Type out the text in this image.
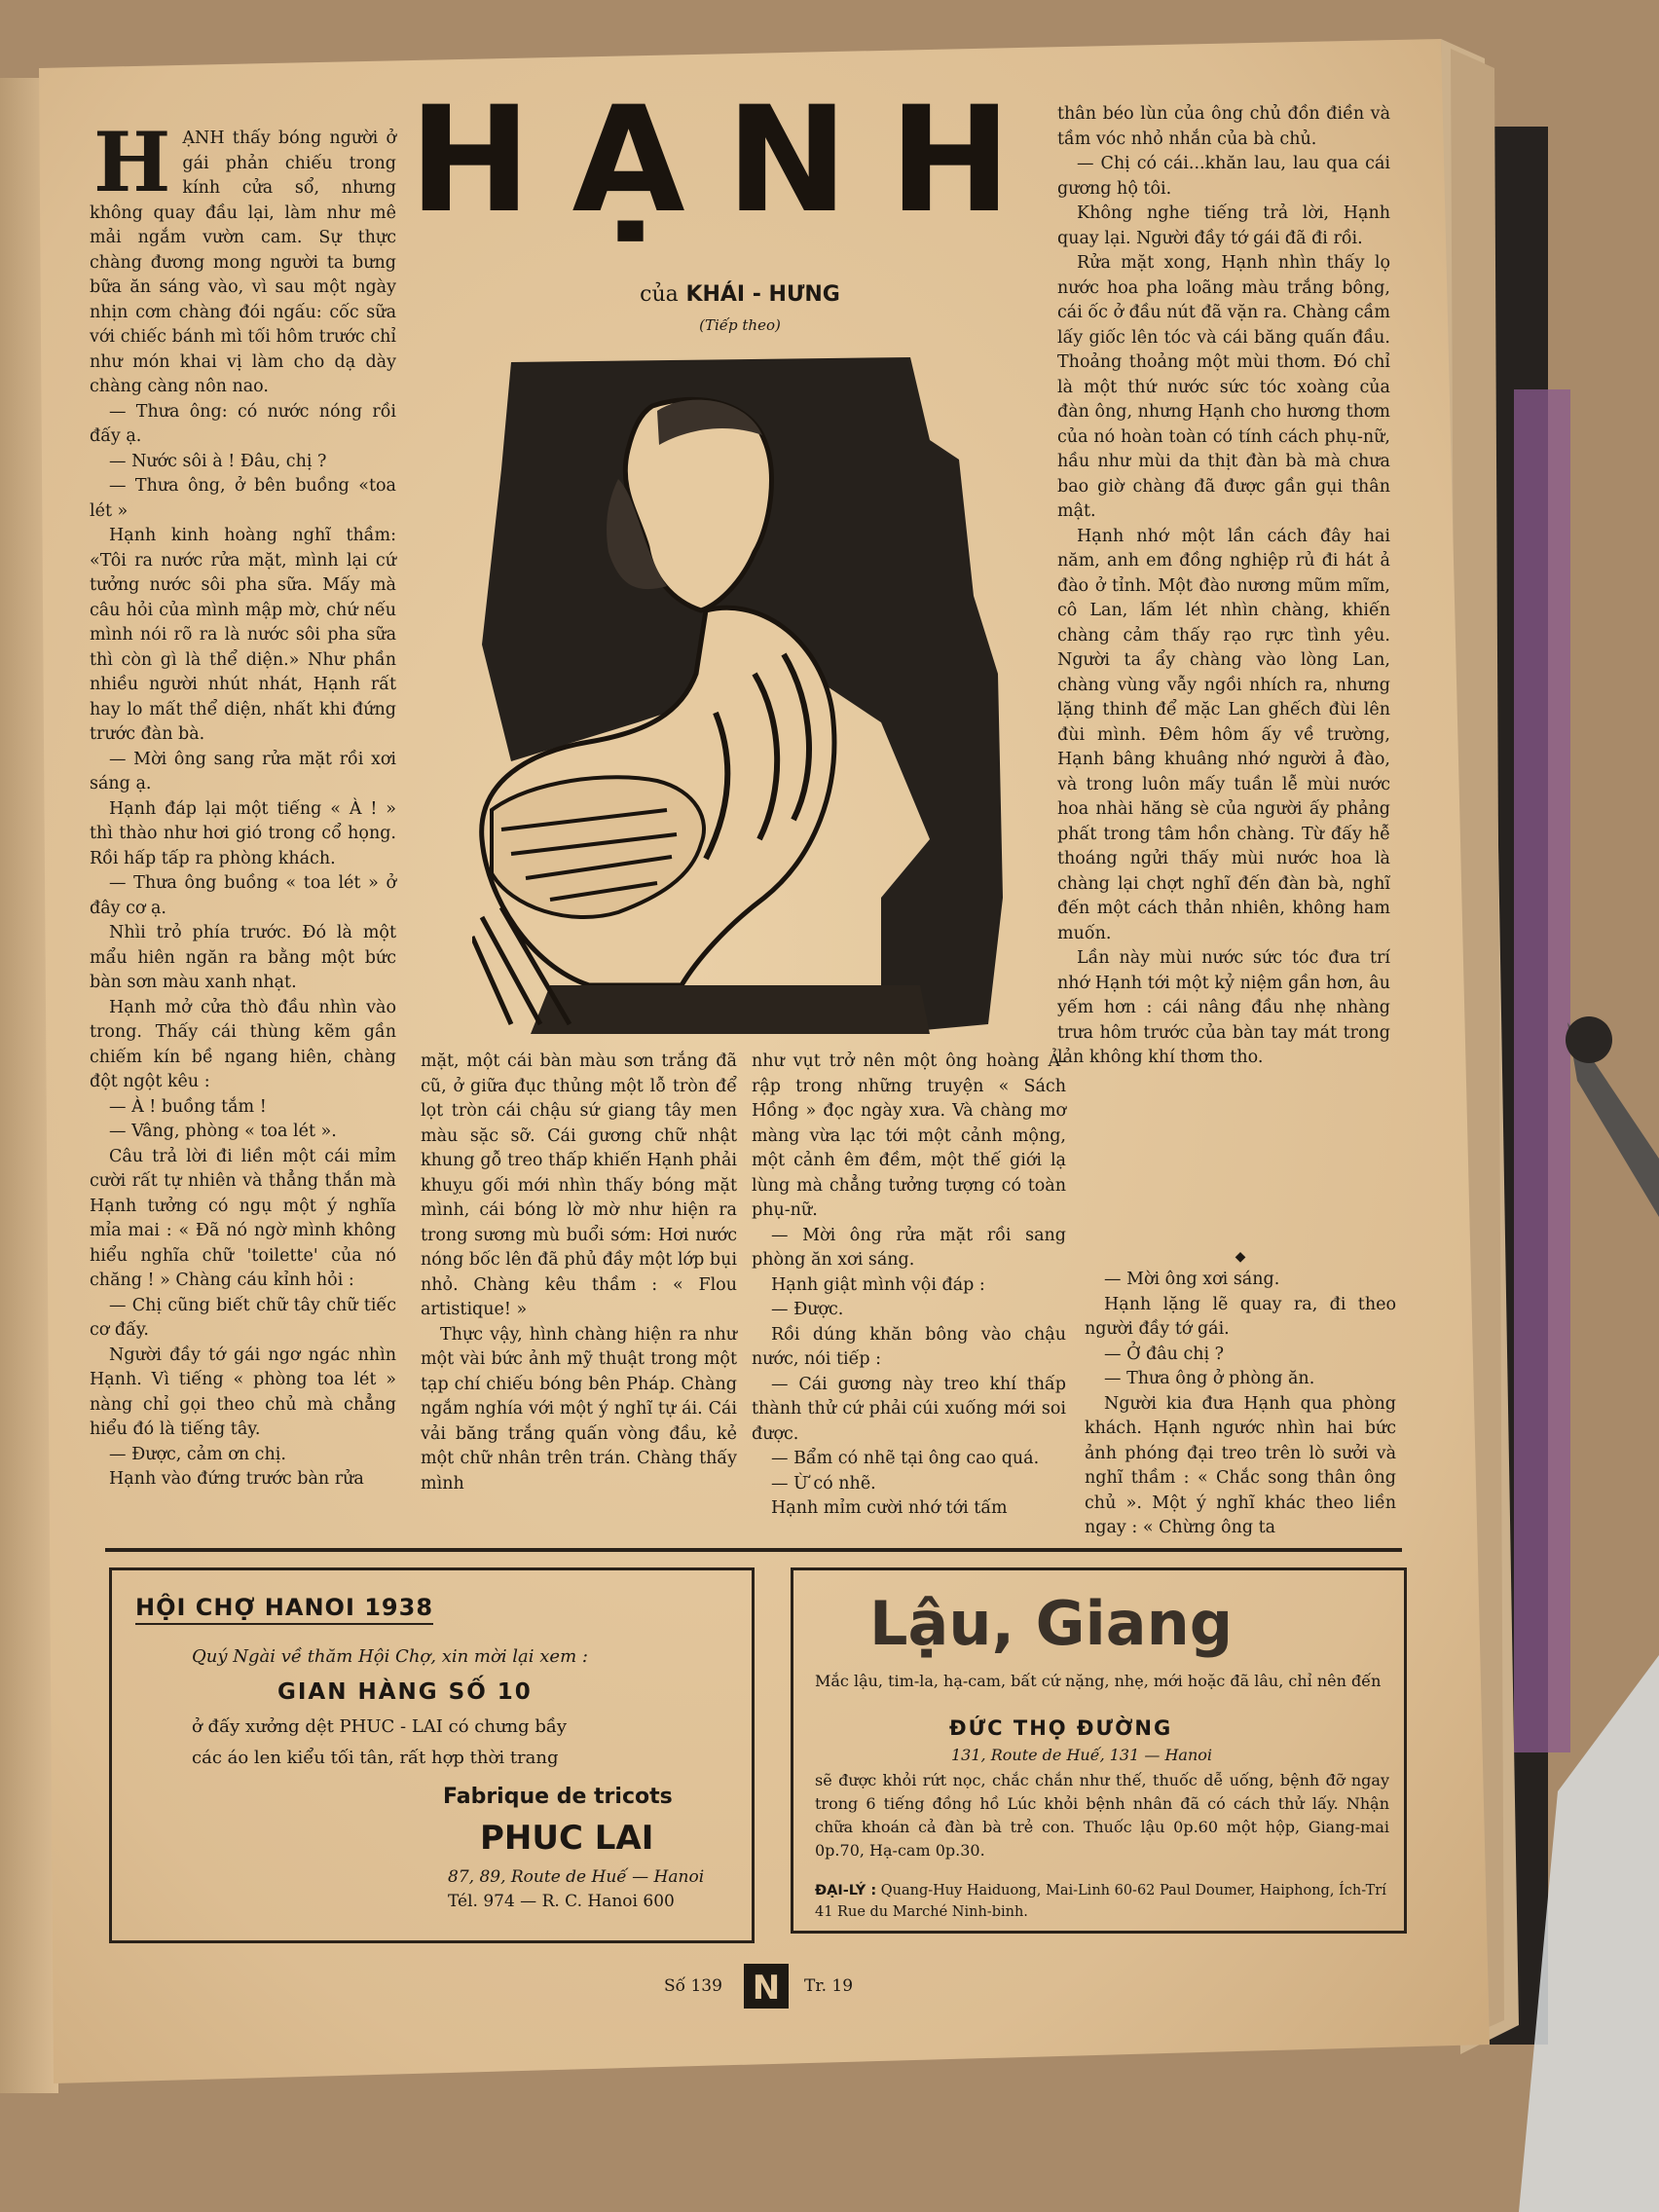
HẠNH thấy bóng người ở gái phản chiếu trong kính cửa sổ, nhưng không quay đầu lại, làm như mê mải ngắm vườn cam. Sự thực chàng đương mong người ta bưng bữa ăn sáng vào, vì sau một ngày nhịn cơm chàng đói ngấu: cốc sữa với chiếc bánh mì tối hôm trước chỉ như món khai vị làm cho dạ dày chàng càng nôn nao.

— Thưa ông: có nước nóng rồi đấy ạ.

— Nước sôi à ! Đâu, chị ?

— Thưa ông, ở bên buồng «toa lét »

Hạnh kinh hoàng nghĩ thầm: «Tôi ra nước rửa mặt, mình lại cứ tưởng nước sôi pha sữa. Mấy mà câu hỏi của mình mập mờ, chứ nếu mình nói rõ ra là nước sôi pha sữa thì còn gì là thể diện.» Như phần nhiều người nhút nhát, Hạnh rất hay lo mất thể diện, nhất khi đứng trước đàn bà.

— Mời ông sang rửa mặt rồi xơi sáng ạ.

Hạnh đáp lại một tiếng « À ! » thì thào như hơi gió trong cổ họng. Rồi hấp tấp ra phòng khách.

— Thưa ông buồng « toa lét » ở đây cơ ạ.

Nhìi trỏ phía trước. Đó là một mẩu hiên ngăn ra bằng một bức bàn sơn màu xanh nhạt.

Hạnh mở cửa thò đầu nhìn vào trong. Thấy cái thùng kẽm gần chiếm kín bề ngang hiên, chàng đột ngột kêu :

— À ! buồng tắm !

— Vâng, phòng « toa lét ».

Câu trả lời đi liền một cái mỉm cười rất tự nhiên và thẳng thắn mà Hạnh tưởng có ngụ một ý nghĩa mỉa mai : « Đã nó ngờ mình không hiểu nghĩa chữ 'toilette' của nó chăng ! » Chàng cáu kỉnh hỏi :

— Chị cũng biết chữ tây chữ tiếc cơ đấy.

Người đầy tớ gái ngơ ngác nhìn Hạnh. Vì tiếng « phòng toa lét » nàng chỉ gọi theo chủ mà chẳng hiểu đó là tiếng tây.

— Được, cảm ơn chị.

Hạnh vào đứng trước bàn rửa

HẠNH
của KHÁI - HƯNG
(Tiếp theo)

mặt, một cái bàn màu sơn trắng đã cũ, ở giữa đục thủng một lỗ tròn để lọt tròn cái chậu sứ giang tây men màu sặc sỡ. Cái gương chữ nhật khung gỗ treo thấp khiến Hạnh phải khuỵu gối mới nhìn thấy bóng mặt mình, cái bóng lờ mờ như hiện ra trong sương mù buổi sớm: Hơi nước nóng bốc lên đã phủ đầy một lớp bụi nhỏ. Chàng kêu thầm : « Flou artistique! »

Thực vậy, hình chàng hiện ra như một vài bức ảnh mỹ thuật trong một tạp chí chiếu bóng bên Pháp. Chàng ngắm nghía với một ý nghĩ tự ái. Cái vải băng trắng quấn vòng đầu, kẻ một chữ nhân trên trán. Chàng thấy mình

như vụt trở nên một ông hoàng Ả-rập trong những truyện « Sách Hồng » đọc ngày xưa. Và chàng mơ màng vừa lạc tới một cảnh mộng, một cảnh êm đềm, một thế giới lạ lùng mà chẳng tưởng tượng có toàn phụ-nữ.

— Mời ông rửa mặt rồi sang phòng ăn xơi sáng.

Hạnh giật mình vội đáp :

— Được.

Rồi dúng khăn bông vào chậu nước, nói tiếp :

— Cái gương này treo khí thấp thành thử cứ phải cúi xuống mới soi được.

— Bẩm có nhẽ tại ông cao quá.

— Ừ có nhẽ.

Hạnh mỉm cười nhớ tới tấm

thân béo lùn của ông chủ đồn điền và tầm vóc nhỏ nhắn của bà chủ.

— Chị có cái...khăn lau, lau qua cái gương hộ tôi.

Không nghe tiếng trả lời, Hạnh quay lại. Người đầy tớ gái đã đi rồi.

Rửa mặt xong, Hạnh nhìn thấy lọ nước hoa pha loãng màu trắng bông, cái ốc ở đầu nút đã vặn ra. Chàng cầm lấy giốc lên tóc và cái băng quấn đầu. Thoảng thoảng một mùi thơm. Đó chỉ là một thứ nước sức tóc xoàng của đàn ông, nhưng Hạnh cho hương thơm của nó hoàn toàn có tính cách phụ-nữ, hầu như mùi da thịt đàn bà mà chưa bao giờ chàng đã được gần gụi thân mật.

Hạnh nhớ một lần cách đây hai năm, anh em đồng nghiệp rủ đi hát ả đào ở tỉnh. Một đào nương mũm mĩm, cô Lan, lấm lét nhìn chàng, khiến chàng cảm thấy rạo rực tình yêu. Người ta ẩy chàng vào lòng Lan, chàng vùng vẫy ngồi nhích ra, nhưng lặng thinh để mặc Lan ghếch đùi lên đùi mình. Đêm hôm ấy về trường, Hạnh bâng khuâng nhớ người ả đào, và trong luôn mấy tuần lễ mùi nước hoa nhài hăng sè của người ấy phảng phất trong tâm hồn chàng. Từ đấy hễ thoáng ngửi thấy mùi nước hoa là chàng lại chợt nghĩ đến đàn bà, nghĩ đến một cách thản nhiên, không ham muốn.

Lần này mùi nước sức tóc đưa trí nhớ Hạnh tới một kỷ niệm gần hơn, âu yếm hơn : cái nâng đầu nhẹ nhàng trưa hôm trước của bàn tay mát trong lản không khí thơm tho.

◆

— Mời ông xơi sáng.

Hạnh lặng lẽ quay ra, đi theo người đầy tớ gái.

— Ở đâu chị ?

— Thưa ông ở phòng ăn.

Người kia đưa Hạnh qua phòng khách. Hạnh ngước nhìn hai bức ảnh phóng đại treo trên lò sưởi và nghĩ thầm : « Chắc song thân ông chủ ». Một ý nghĩ khác theo liền ngay : « Chừng ông ta

HỘI CHỢ HANOI 1938
Quý Ngài về thăm Hội Chợ, xin mời lại xem :
GIAN HÀNG SỐ 10
ở đấy xưởng dệt PHUC - LAI có chưng bầy
các áo len kiểu tối tân, rất hợp thời trang
Fabrique de tricots
PHUC LAI
87, 89, Route de Huế — Hanoi
Tél. 974 — R. C. Hanoi 600
Lậu, Giang
Mắc lậu, tim-la, hạ-cam, bất cứ nặng, nhẹ, mới hoặc đã lâu, chỉ nên đến
ĐỨC THỌ ĐƯỜNG
131, Route de Huế, 131 — Hanoi
sẽ được khỏi rứt nọc, chắc chắn như thế, thuốc dễ uống, bệnh đỡ ngay trong 6 tiếng đồng hồ Lúc khỏi bệnh nhân đã có cách thử lấy. Nhận chữa khoán cả đàn bà trẻ con. Thuốc lậu 0p.60 một hộp, Giang-mai 0p.70, Hạ-cam 0p.30.
ĐẠI-LÝ : Quang-Huy Haiduong, Mai-Linh 60-62 Paul Doumer, Haiphong, Ích-Trí 41 Rue du Marché Ninh-binh.
Số 139 N Tr. 19
